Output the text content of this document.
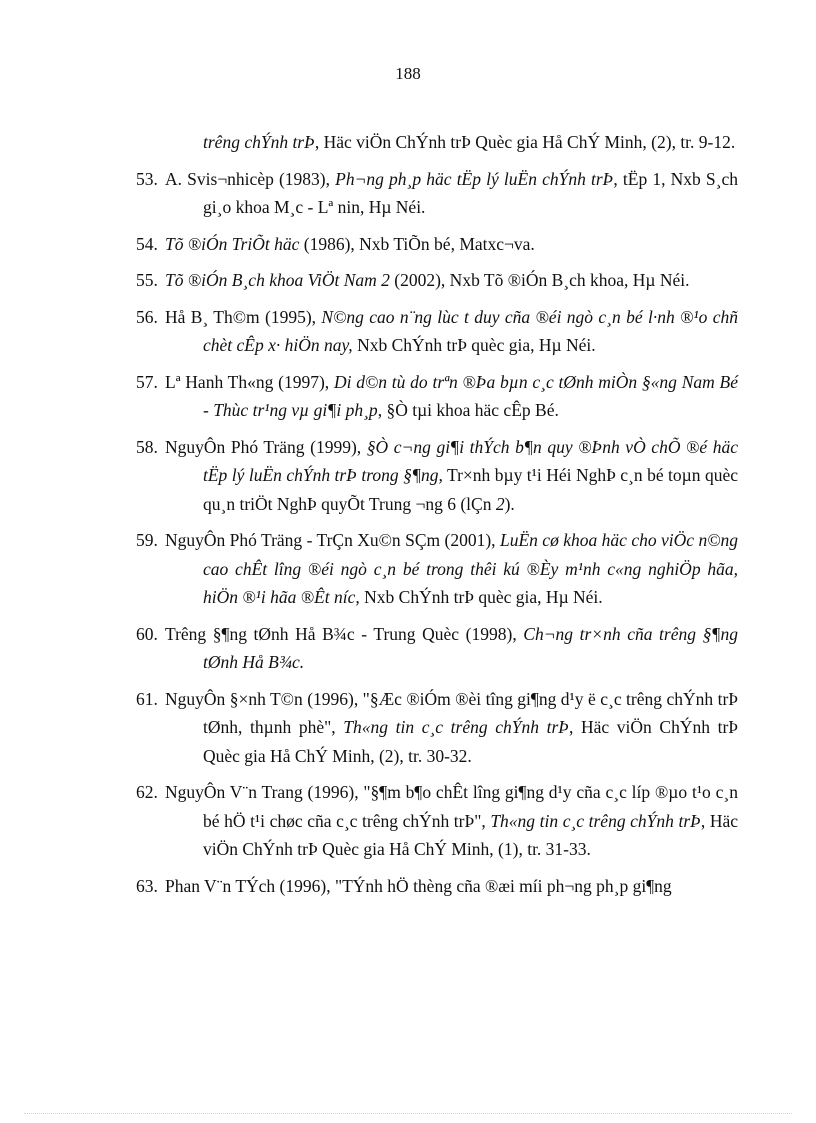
188

trêng chÝnh trÞ, Häc viÖn ChÝnh trÞ Quèc gia Hå ChÝ Minh, (2), tr. 9-12.

53. A. Svis¬nhicèp (1983), Ph¬ng ph¸p häc tËp lý luËn chÝnh trÞ, tËp 1, Nxb S¸ch gi¸o khoa M¸c - Lª nin, Hµ Néi.

54. Tõ ®iÓn TriÕt häc (1986), Nxb TiÕn bé, Matxc¬va.

55. Tõ ®iÓn B¸ch khoa ViÖt Nam 2 (2002), Nxb Tõ ®iÓn B¸ch khoa, Hµ Néi.

56. Hå B¸ Th©m (1995), N©ng cao n¨ng lùc t duy cña ®éi ngò c¸n bé l·nh ®¹o chñ chèt cÊp x· hiÖn nay, Nxb ChÝnh trÞ quèc gia, Hµ Néi.

57. Lª Hanh Th«ng (1997), Di d©n tù do trªn ®Þa bµn c¸c tØnh miÒn §«ng Nam Bé - Thùc tr¹ng vµ gi¶i ph¸p, §Ò tµi khoa häc cÊp Bé.

58. NguyÔn Phó Träng (1999), §Ò c¬ng gi¶i thÝch b¶n quy ®Þnh vÒ chÕ ®é häc tËp lý luËn chÝnh trÞ trong §¶ng, Tr×nh bµy t¹i Héi NghÞ c¸n bé toµn quèc qu¸n triÖt NghÞ quyÕt Trung ¬ng 6 (lÇn 2).

59. NguyÔn Phó Träng - TrÇn Xu©n SÇm (2001), LuËn cø khoa häc cho viÖc n©ng cao chÊt lîng ®éi ngò c¸n bé trong thêi kú ®Èy m¹nh c«ng nghiÖp hãa, hiÖn ®¹i hãa ®Êt níc, Nxb ChÝnh trÞ quèc gia, Hµ Néi.

60. Trêng §¶ng tØnh Hå B¾c - Trung Quèc (1998), Ch¬ng tr×nh cña trêng §¶ng tØnh Hå B¾c.

61. NguyÔn §×nh T©n (1996), "§Æc ®iÓm ®èi tîng gi¶ng d¹y ë c¸c trêng chÝnh trÞ tØnh, thµnh phè", Th«ng tin c¸c trêng chÝnh trÞ, Häc viÖn ChÝnh trÞ Quèc gia Hå ChÝ Minh, (2), tr. 30-32.

62. NguyÔn V¨n Trang (1996), "§¶m b¶o chÊt lîng gi¶ng d¹y cña c¸c líp ®µo t¹o c¸n bé hÖ t¹i chøc cña c¸c trêng chÝnh trÞ", Th«ng tin c¸c trêng chÝnh trÞ, Häc viÖn ChÝnh trÞ Quèc gia Hå ChÝ Minh, (1), tr. 31-33.

63. Phan V¨n TÝch (1996), "TÝnh hÖ thèng cña ®æi míi ph¬ng ph¸p gi¶ng
